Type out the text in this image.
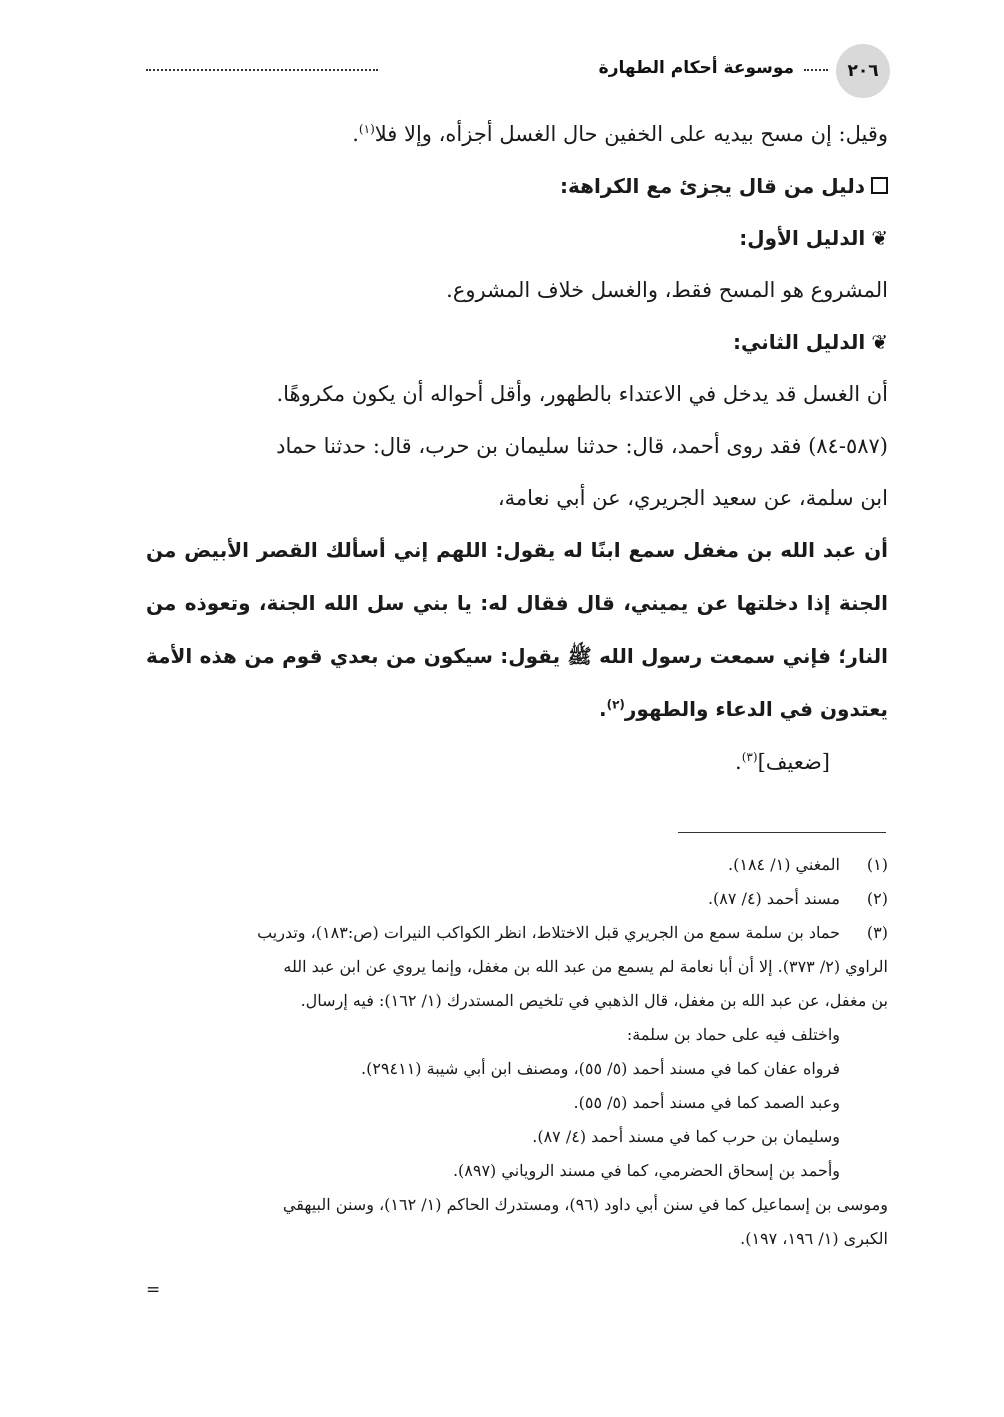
٢٠٦
موسوعة أحكام الطهارة

وقيل: إن مسح بيديه على الخفين حال الغسل أجزأه، وإلا فلا$^{(١)}$.

دليل من قال يجزئ مع الكراهة:

❦الدليل الأول:

المشروع هو المسح فقط، والغسل خلاف المشروع.

❦الدليل الثاني:

أن الغسل قد يدخل في الاعتداء بالطهور، وأقل أحواله أن يكون مكروهًا.

(٥٨٧-٨٤) فقد روى أحمد، قال: حدثنا سليمان بن حرب، قال: حدثنا حماد
ابن سلمة، عن سعيد الجريري، عن أبي نعامة،

أن عبد الله بن مغفل سمع ابنًا له يقول: اللهم إني أسألك القصر الأبيض من الجنة إذا دخلتها عن يميني، قال فقال له: يا بني سل الله الجنة، وتعوذه من النار؛ فإني سمعت رسول الله ﷺ يقول: سيكون من بعدي قوم من هذه الأمة يعتدون في الدعاء والطهور$^{(٢)}$.

[ضعيف]$^{(٣)}$.

(١)
المغني (١/ ١٨٤).
(٢)
مسند أحمد (٤/ ٨٧).
(٣)
حماد بن سلمة سمع من الجريري قبل الاختلاط، انظر الكواكب النيرات (ص:١٨٣)، وتدريب
الراوي (٢/ ٣٧٣). إلا أن أبا نعامة لم يسمع من عبد الله بن مغفل، وإنما يروي عن ابن عبد الله
بن مغفل، عن عبد الله بن مغفل، قال الذهبي في تلخيص المستدرك (١/ ١٦٢): فيه إرسال.
واختلف فيه على حماد بن سلمة:
فرواه عفان كما في مسند أحمد (٥/ ٥٥)، ومصنف ابن أبي شيبة (٢٩٤١١).
وعبد الصمد كما في مسند أحمد (٥/ ٥٥).
وسليمان بن حرب كما في مسند أحمد (٤/ ٨٧).
وأحمد بن إسحاق الحضرمي، كما في مسند الروياني (٨٩٧).
وموسى بن إسماعيل كما في سنن أبي داود (٩٦)، ومستدرك الحاكم (١/ ١٦٢)، وسنن البيهقي
الكبرى (١/ ١٩٦، ١٩٧).
=
